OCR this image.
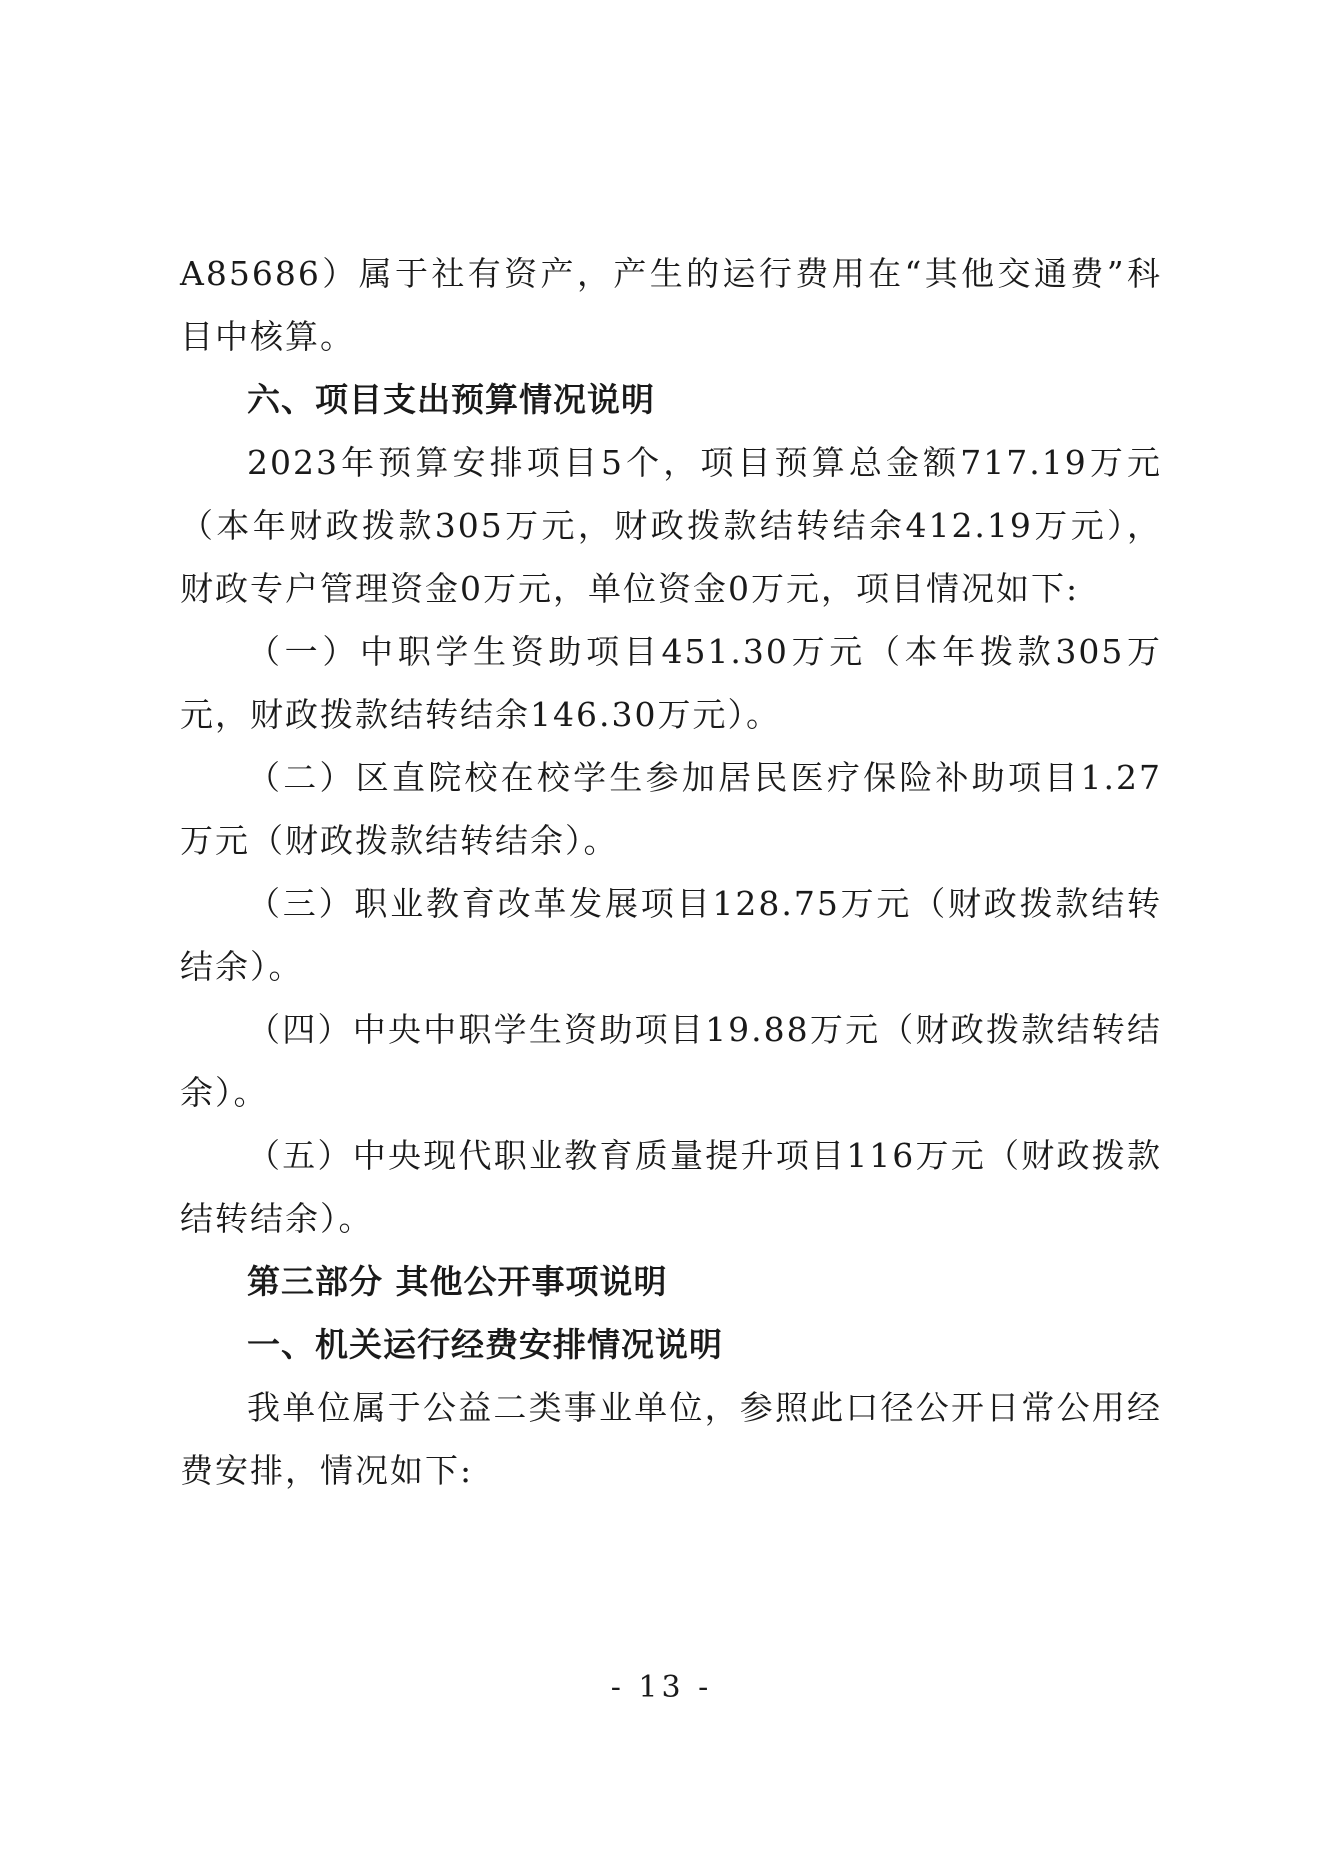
A85686）属于社有资产，产生的运行费用在“其他交通费”科目中核算。

六、项目支出预算情况说明

2023年预算安排项目5个，项目预算总金额717.19万元（本年财政拨款305万元，财政拨款结转结余412.19万元），财政专户管理资金0万元，单位资金0万元，项目情况如下:

（一）中职学生资助项目451.30万元（本年拨款305万元，财政拨款结转结余146.30万元）。

（二）区直院校在校学生参加居民医疗保险补助项目1.27万元（财政拨款结转结余）。

（三）职业教育改革发展项目128.75万元（财政拨款结转结余）。

（四）中央中职学生资助项目19.88万元（财政拨款结转结余）。

（五）中央现代职业教育质量提升项目116万元（财政拨款结转结余）。

第三部分 其他公开事项说明

一、机关运行经费安排情况说明

我单位属于公益二类事业单位，参照此口径公开日常公用经费安排，情况如下:

- 13 -
